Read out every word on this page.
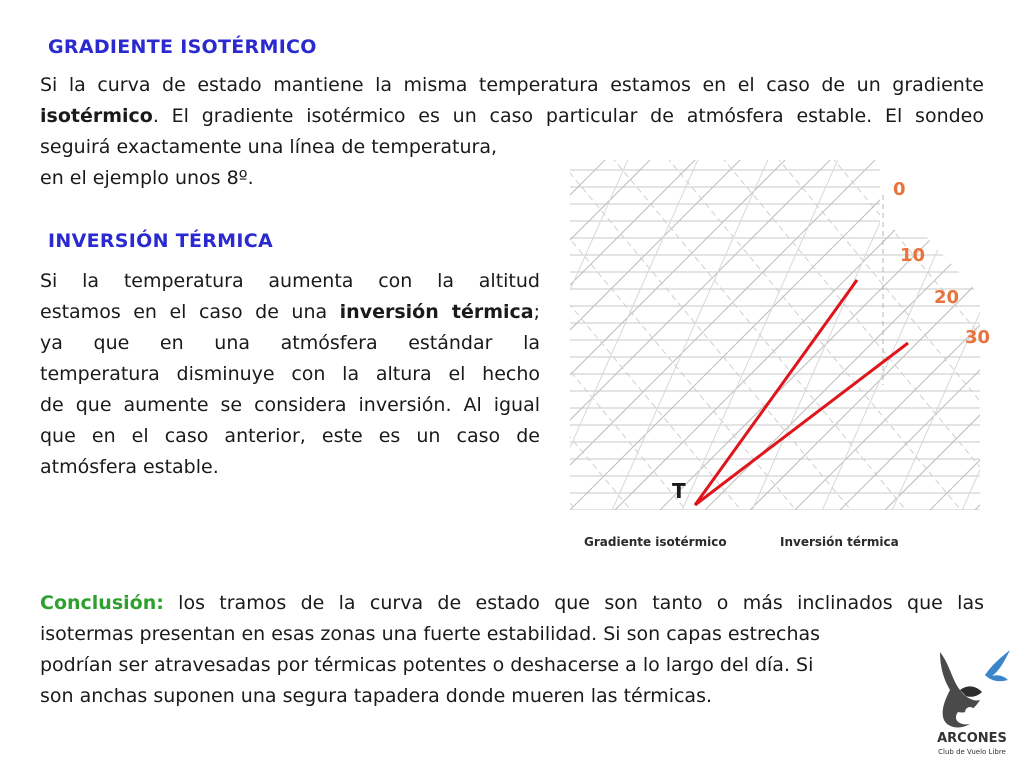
GRADIENTE ISOTÉRMICO
Si la curva de estado mantiene la misma temperatura estamos en el caso de un gradiente
isotérmico. El gradiente isotérmico es un caso particular de atmósfera estable. El sondeo
seguirá exactamente una línea de temperatura,
en el ejemplo unos 8º.
INVERSIÓN TÉRMICA
Si la temperatura aumenta con la altitud
estamos en el caso de una inversión térmica;
ya que en una atmósfera estándar la
temperatura disminuye con la altura el hecho
de que aumente se considera inversión. Al igual
que en el caso anterior, este es un caso de
atmósfera estable.
0
10
20
30
T
Gradiente isotérmico	Inversión térmica
Conclusión: los tramos de la curva de estado que son tanto o más inclinados que las
isotermas presentan en esas zonas una fuerte estabilidad. Si son capas estrechas
podrían ser atravesadas por térmicas potentes o deshacerse a lo largo del día. Si
son anchas suponen una segura tapadera donde mueren las térmicas.
ARCONES
Club de Vuelo Libre
